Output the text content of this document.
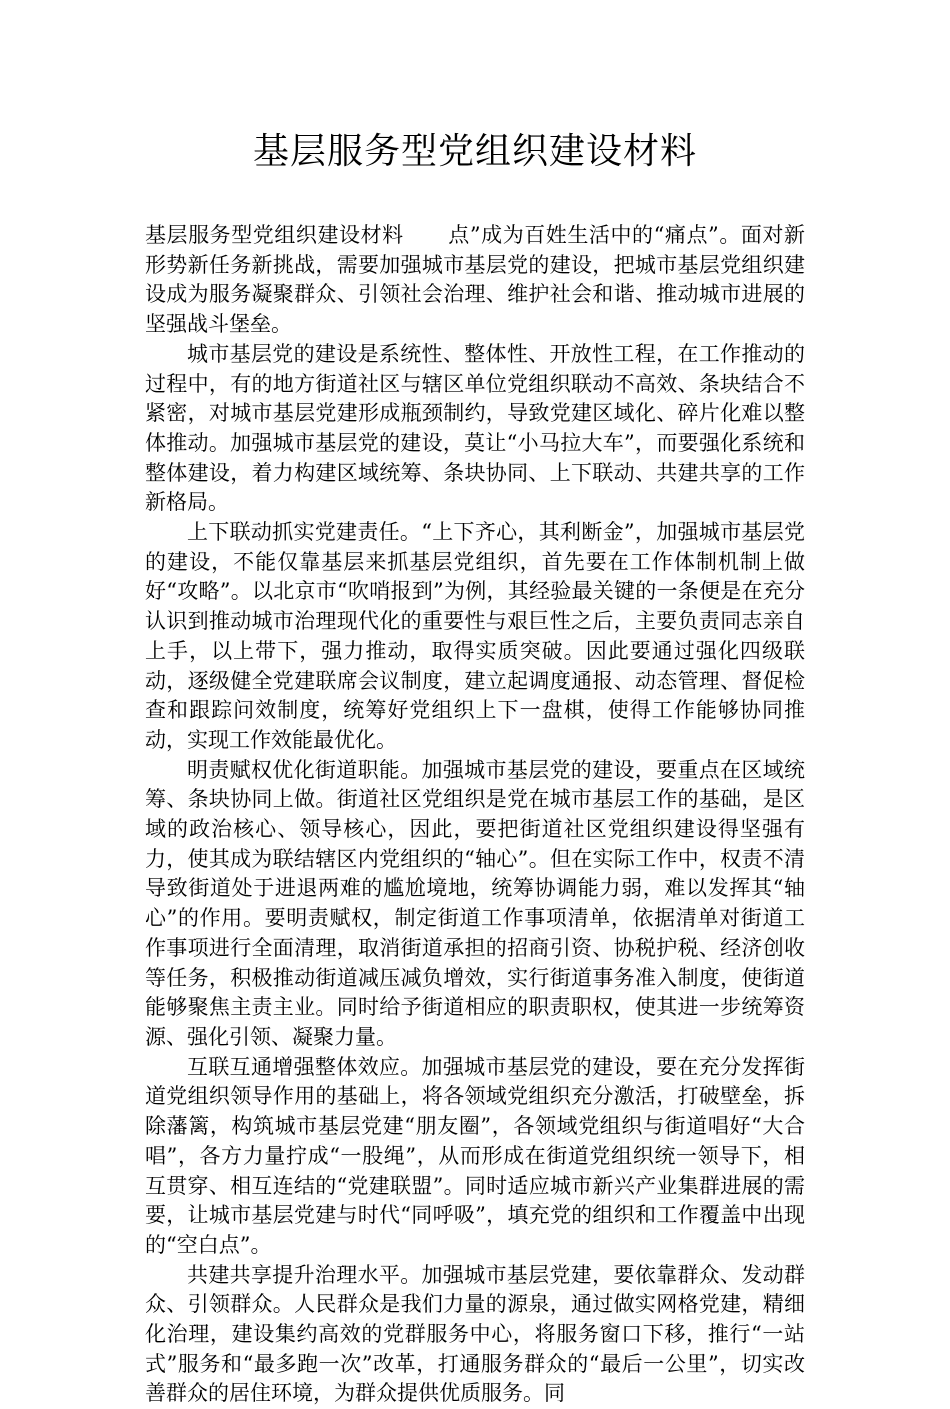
基层服务型党组织建设材料

基层服务型党组织建设材料 点”成为百姓生活中的“痛点”。面对新形势新任务新挑战，需要加强城市基层党的建设，把城市基层党组织建设成为服务凝聚群众、引领社会治理、维护社会和谐、推动城市进展的坚强战斗堡垒。

城市基层党的建设是系统性、整体性、开放性工程，在工作推动的过程中，有的地方街道社区与辖区单位党组织联动不高效、条块结合不紧密，对城市基层党建形成瓶颈制约，导致党建区域化、碎片化难以整体推动。加强城市基层党的建设，莫让“小马拉大车”，而要强化系统和整体建设，着力构建区域统筹、条块协同、上下联动、共建共享的工作新格局。

上下联动抓实党建责任。“上下齐心，其利断金”，加强城市基层党的建设，不能仅靠基层来抓基层党组织，首先要在工作体制机制上做好“攻略”。以北京市“吹哨报到”为例，其经验最关键的一条便是在充分认识到推动城市治理现代化的重要性与艰巨性之后，主要负责同志亲自上手，以上带下，强力推动，取得实质突破。因此要通过强化四级联动，逐级健全党建联席会议制度，建立起调度通报、动态管理、督促检查和跟踪问效制度，统筹好党组织上下一盘棋，使得工作能够协同推动，实现工作效能最优化。

明责赋权优化街道职能。加强城市基层党的建设，要重点在区域统筹、条块协同上做。街道社区党组织是党在城市基层工作的基础，是区域的政治核心、领导核心，因此，要把街道社区党组织建设得坚强有力，使其成为联结辖区内党组织的“轴心”。但在实际工作中，权责不清导致街道处于进退两难的尴尬境地，统筹协调能力弱，难以发挥其“轴心”的作用。要明责赋权，制定街道工作事项清单，依据清单对街道工作事项进行全面清理，取消街道承担的招商引资、协税护税、经济创收等任务，积极推动街道减压减负增效，实行街道事务准入制度，使街道能够聚焦主责主业。同时给予街道相应的职责职权，使其进一步统筹资源、强化引领、凝聚力量。

互联互通增强整体效应。加强城市基层党的建设，要在充分发挥街道党组织领导作用的基础上，将各领域党组织充分激活，打破壁垒，拆除藩篱，构筑城市基层党建“朋友圈”，各领域党组织与街道唱好“大合唱”，各方力量拧成“一股绳”，从而形成在街道党组织统一领导下，相互贯穿、相互连结的“党建联盟”。同时适应城市新兴产业集群进展的需要，让城市基层党建与时代“同呼吸”，填充党的组织和工作覆盖中出现的“空白点”。

共建共享提升治理水平。加强城市基层党建，要依靠群众、发动群众、引领群众。人民群众是我们力量的源泉，通过做实网格党建，精细化治理，建设集约高效的党群服务中心，将服务窗口下移，推行“一站式”服务和“最多跑一次”改革，打通服务群众的“最后一公里”，切实改善群众的居住环境，为群众提供优质服务。同
